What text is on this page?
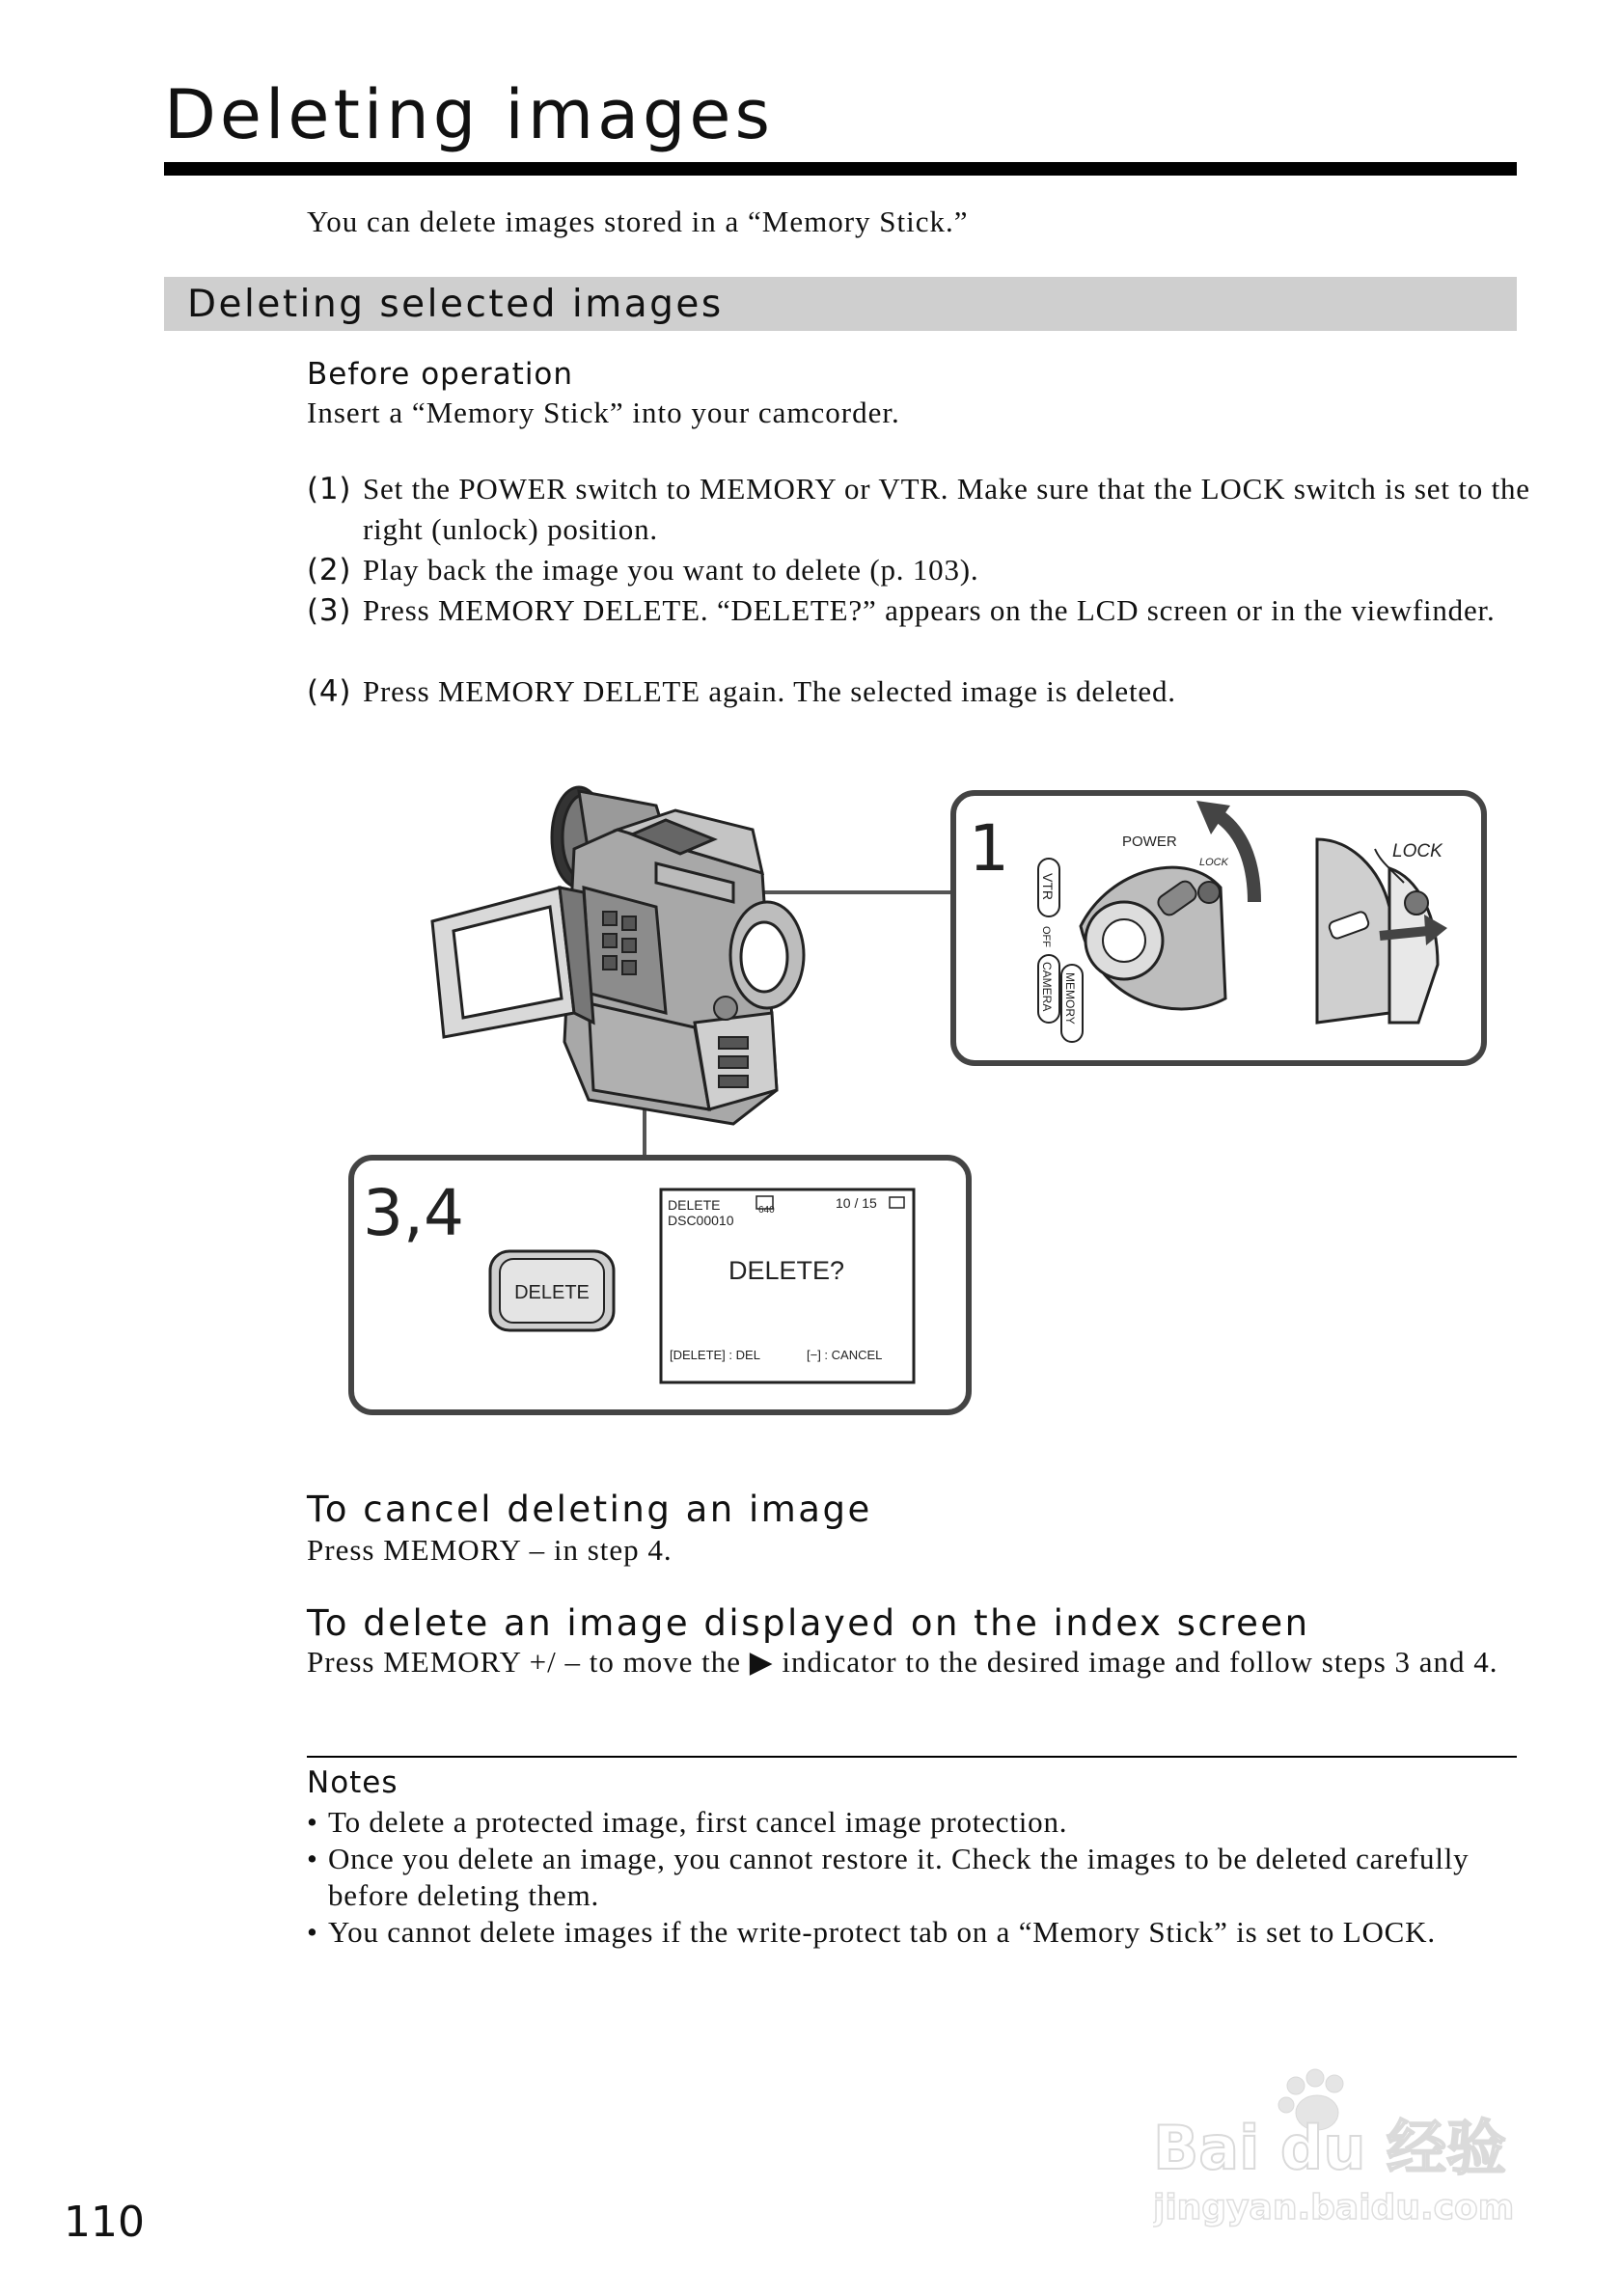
Deleting images
You can delete images stored in a “Memory Stick.”
Deleting selected images
Before operation
Insert a “Memory Stick” into your camcorder.
(1) Set the POWER switch to MEMORY or VTR. Make sure that the LOCK switch is set to the right (unlock) position.
(2) Play back the image you want to delete (p. 103).
(3) Press MEMORY DELETE. “DELETE?” appears on the LCD screen or in the viewfinder.
(4) Press MEMORY DELETE again. The selected image is deleted.
1	POWER
LOCK
LOCK
VTR
OFF
CAMERA MEMORY
3,4
DELETE
DELETE	640	10 / 15
DSC00010
DELETE?
[DELETE] : DEL	[−] : CANCEL
To cancel deleting an image
Press MEMORY – in step 4.
To delete an image displayed on the index screen
Press MEMORY +/ – to move the ▶ indicator to the desired image and follow steps 3 and 4.
Notes
• To delete a protected image, first cancel image protection.
• Once you delete an image, you cannot restore it. Check the images to be deleted carefully before deleting them.
• You cannot delete images if the write-protect tab on a “Memory Stick” is set to LOCK.
110
Bai du 经验
jingyan.baidu.com
